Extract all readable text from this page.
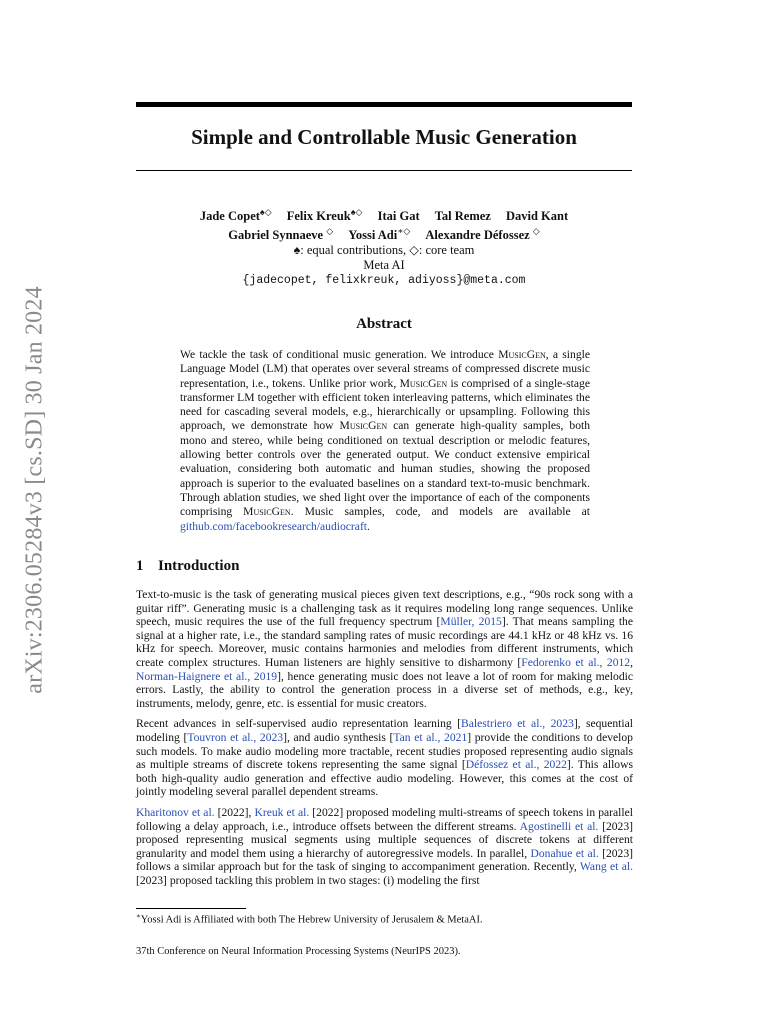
arXiv:2306.05284v3 [cs.SD] 30 Jan 2024
Simple and Controllable Music Generation
Jade Copet♠◇ Felix Kreuk♠◇ Itai Gat Tal Remez David Kant
Gabriel Synnaeve ◇ Yossi Adi∗◇ Alexandre Défossez ◇
♠: equal contributions, ◇: core team
Meta AI
{jadecopet, felixkreuk, adiyoss}@meta.com
Abstract

We tackle the task of conditional music generation. We introduce MusicGen, a single Language Model (LM) that operates over several streams of compressed discrete music representation, i.e., tokens. Unlike prior work, MusicGen is comprised of a single-stage transformer LM together with efficient token interleaving patterns, which eliminates the need for cascading several models, e.g., hierarchically or upsampling. Following this approach, we demonstrate how MusicGen can generate high-quality samples, both mono and stereo, while being conditioned on textual description or melodic features, allowing better controls over the generated output. We conduct extensive empirical evaluation, considering both automatic and human studies, showing the proposed approach is superior to the evaluated baselines on a standard text-to-music benchmark. Through ablation studies, we shed light over the importance of each of the components comprising MusicGen. Music samples, code, and models are available at github.com/facebookresearch/audiocraft.

1 Introduction

Text-to-music is the task of generating musical pieces given text descriptions, e.g., “90s rock song with a guitar riff”. Generating music is a challenging task as it requires modeling long range sequences. Unlike speech, music requires the use of the full frequency spectrum [Müller, 2015]. That means sampling the signal at a higher rate, i.e., the standard sampling rates of music recordings are 44.1 kHz or 48 kHz vs. 16 kHz for speech. Moreover, music contains harmonies and melodies from different instruments, which create complex structures. Human listeners are highly sensitive to disharmony [Fedorenko et al., 2012, Norman-Haignere et al., 2019], hence generating music does not leave a lot of room for making melodic errors. Lastly, the ability to control the generation process in a diverse set of methods, e.g., key, instruments, melody, genre, etc. is essential for music creators.

Recent advances in self-supervised audio representation learning [Balestriero et al., 2023], sequential modeling [Touvron et al., 2023], and audio synthesis [Tan et al., 2021] provide the conditions to develop such models. To make audio modeling more tractable, recent studies proposed representing audio signals as multiple streams of discrete tokens representing the same signal [Défossez et al., 2022]. This allows both high-quality audio generation and effective audio modeling. However, this comes at the cost of jointly modeling several parallel dependent streams.

Kharitonov et al. [2022], Kreuk et al. [2022] proposed modeling multi-streams of speech tokens in parallel following a delay approach, i.e., introduce offsets between the different streams. Agostinelli et al. [2023] proposed representing musical segments using multiple sequences of discrete tokens at different granularity and model them using a hierarchy of autoregressive models. In parallel, Donahue et al. [2023] follows a similar approach but for the task of singing to accompaniment generation. Recently, Wang et al. [2023] proposed tackling this problem in two stages: (i) modeling the first

∗Yossi Adi is Affiliated with both The Hebrew University of Jerusalem & MetaAI.
37th Conference on Neural Information Processing Systems (NeurIPS 2023).
